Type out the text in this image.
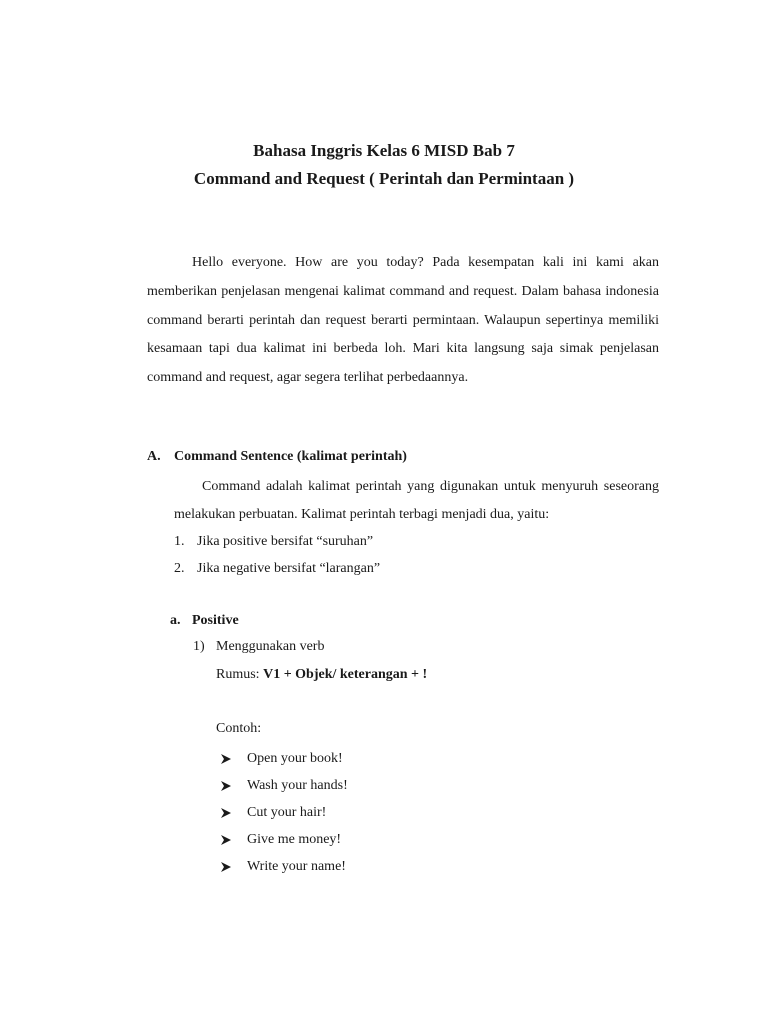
Bahasa Inggris Kelas 6 MISD Bab 7
Command and Request ( Perintah dan Permintaan )

Hello everyone. How are you today? Pada kesempatan kali ini kami akan memberikan penjelasan mengenai kalimat command and request. Dalam bahasa indonesia command berarti perintah dan request berarti permintaan. Walaupun sepertinya memiliki kesamaan tapi dua kalimat ini berbeda loh. Mari kita langsung saja simak penjelasan command and request, agar segera terlihat perbedaannya.

A. Command Sentence (kalimat perintah)

Command adalah kalimat perintah yang digunakan untuk menyuruh seseorang melakukan perbuatan. Kalimat perintah terbagi menjadi dua, yaitu:

1. Jika positive bersifat “suruhan”
2. Jika negative bersifat “larangan”
a. Positive
1) Menggunakan verb
Rumus: V1 + Objek/ keterangan + !
Contoh:
Open your book!
Wash your hands!
Cut your hair!
Give me money!
Write your name!
